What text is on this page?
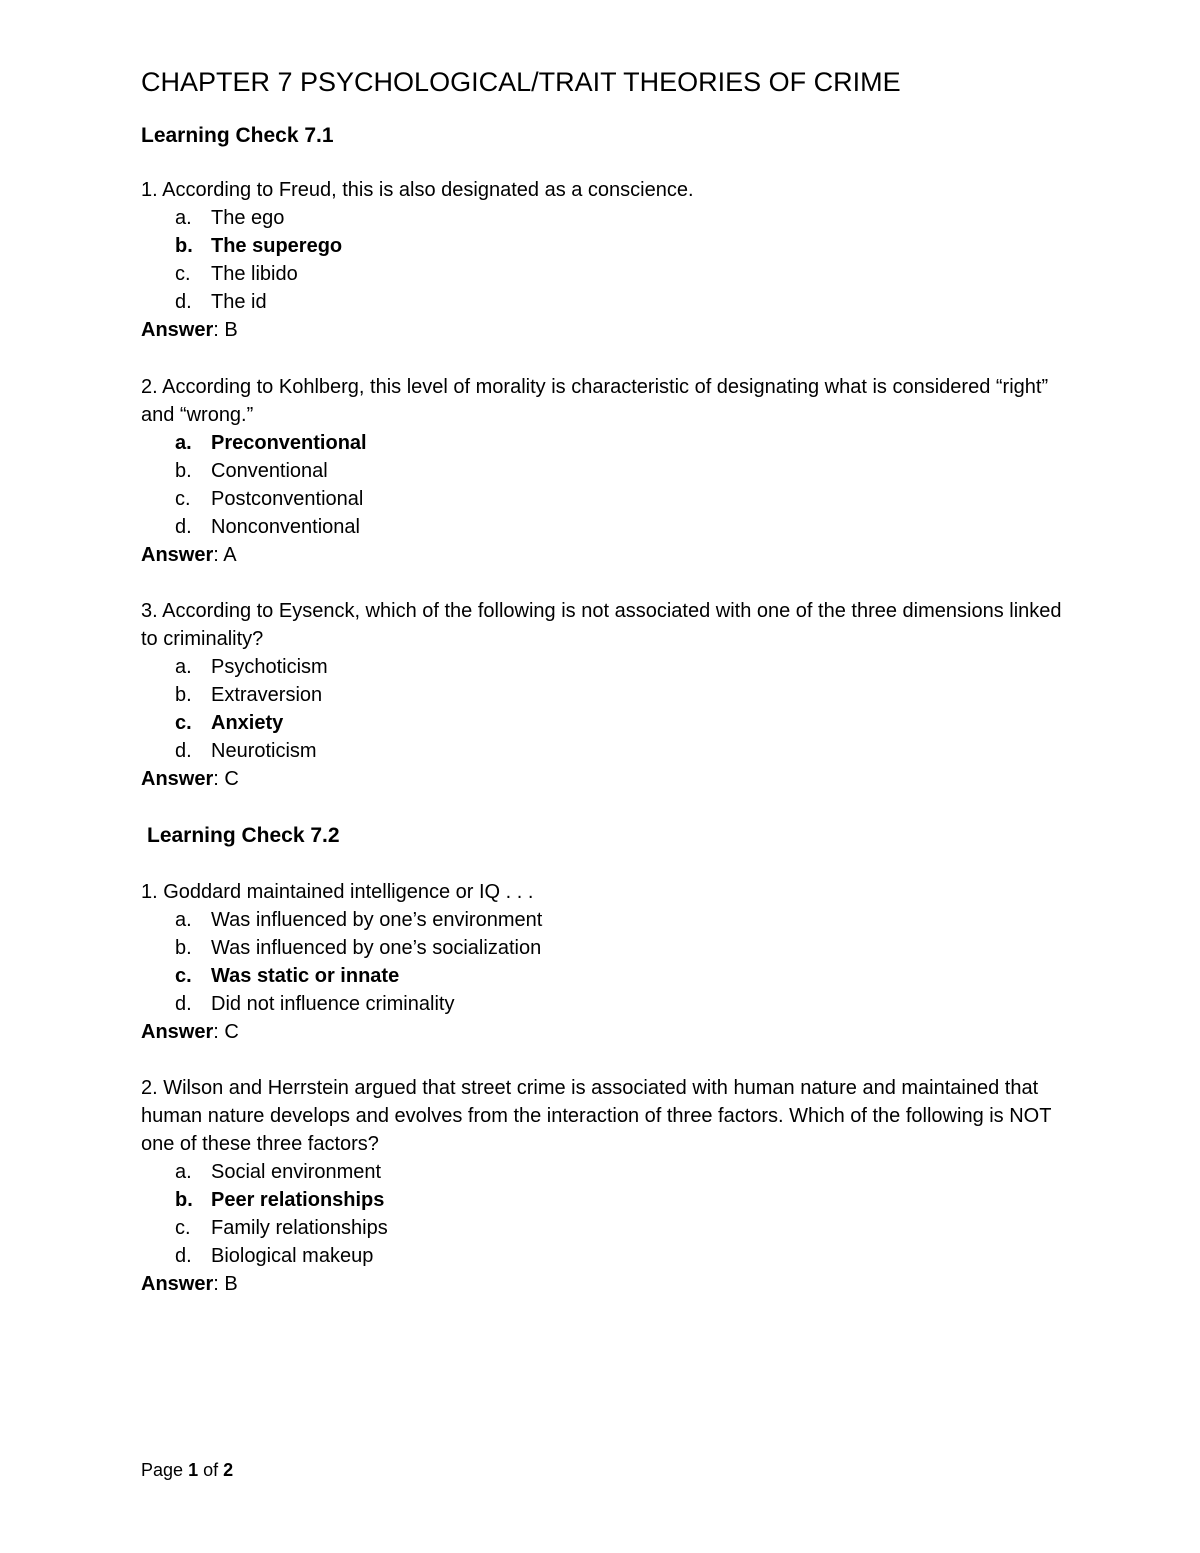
CHAPTER 7 PSYCHOLOGICAL/TRAIT THEORIES OF CRIME
Learning Check 7.1

1. According to Freud, this is also designated as a conscience.

a. The ego
b. The superego
c. The libido
d. The id

Answer: B

2. According to Kohlberg, this level of morality is characteristic of designating what is considered “right” and “wrong.”

a. Preconventional
b. Conventional
c. Postconventional
d. Nonconventional

Answer: A

3. According to Eysenck, which of the following is not associated with one of the three dimensions linked to criminality?

a. Psychoticism
b. Extraversion
c. Anxiety
d. Neuroticism

Answer: C

Learning Check 7.2

1. Goddard maintained intelligence or IQ . . .

a. Was influenced by one’s environment
b. Was influenced by one’s socialization
c. Was static or innate
d. Did not influence criminality

Answer: C

2. Wilson and Herrstein argued that street crime is associated with human nature and maintained that human nature develops and evolves from the interaction of three factors. Which of the following is NOT one of these three factors?

a. Social environment
b. Peer relationships
c. Family relationships
d. Biological makeup

Answer: B

Page 1 of 2
